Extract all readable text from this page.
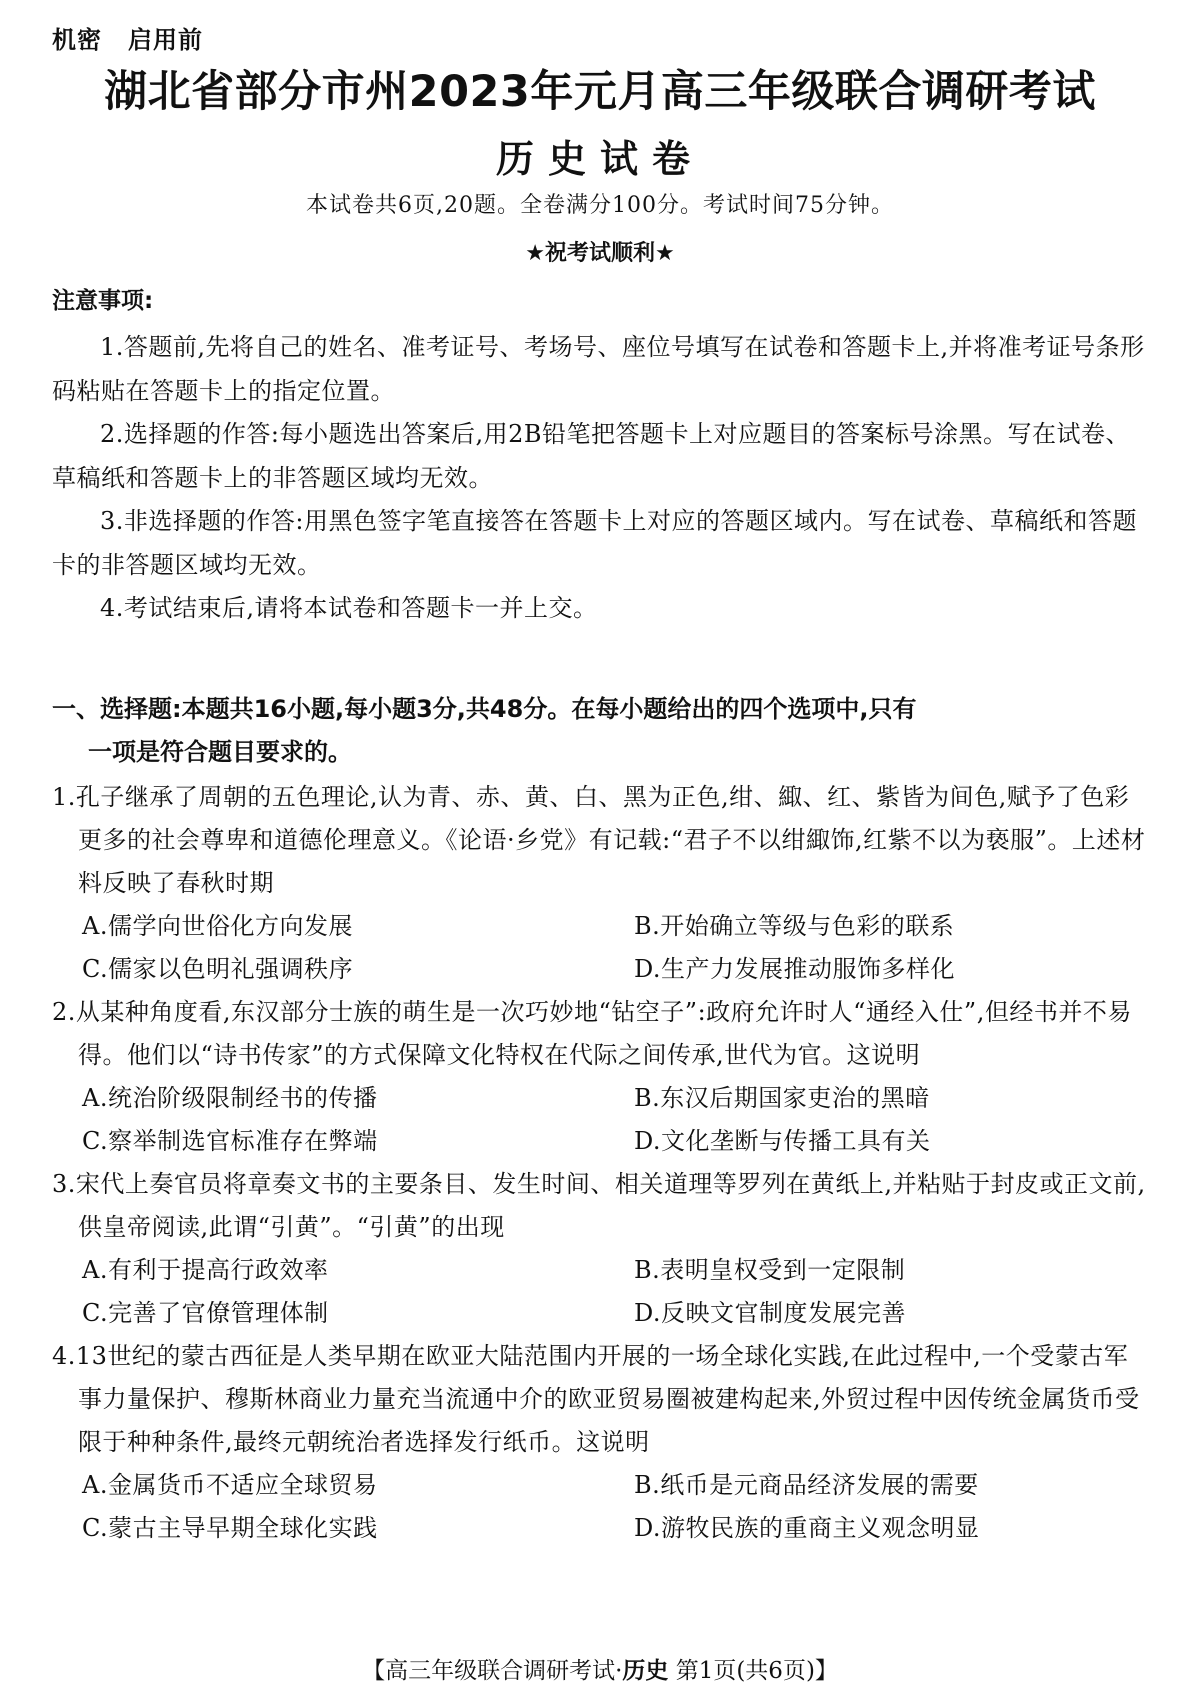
机密 启用前
湖北省部分市州2023年元月高三年级联合调研考试
历史试卷
本试卷共6页,20题。全卷满分100分。考试时间75分钟。
★祝考试顺利★
注意事项:

1.答题前,先将自己的姓名、准考证号、考场号、座位号填写在试卷和答题卡上,并将准考证号条形码粘贴在答题卡上的指定位置。

2.选择题的作答:每小题选出答案后,用2B铅笔把答题卡上对应题目的答案标号涂黑。写在试卷、草稿纸和答题卡上的非答题区域均无效。

3.非选择题的作答:用黑色签字笔直接答在答题卡上对应的答题区域内。写在试卷、草稿纸和答题卡的非答题区域均无效。

4.考试结束后,请将本试卷和答题卡一并上交。

一、选择题:本题共16小题,每小题3分,共48分。在每小题给出的四个选项中,只有
一项是符合题目要求的。

1.孔子继承了周朝的五色理论,认为青、赤、黄、白、黑为正色,绀、緅、红、紫皆为间色,赋予了色彩更多的社会尊卑和道德伦理意义。《论语·乡党》有记载:“君子不以绀緅饰,红紫不以为亵服”。上述材料反映了春秋时期

A.儒学向世俗化方向发展	B.开始确立等级与色彩的联系
C.儒家以色明礼强调秩序	D.生产力发展推动服饰多样化

2.从某种角度看,东汉部分士族的萌生是一次巧妙地“钻空子”:政府允许时人“通经入仕”,但经书并不易得。他们以“诗书传家”的方式保障文化特权在代际之间传承,世代为官。这说明

A.统治阶级限制经书的传播	B.东汉后期国家吏治的黑暗
C.察举制选官标准存在弊端	D.文化垄断与传播工具有关

3.宋代上奏官员将章奏文书的主要条目、发生时间、相关道理等罗列在黄纸上,并粘贴于封皮或正文前,供皇帝阅读,此谓“引黄”。“引黄”的出现

A.有利于提高行政效率	B.表明皇权受到一定限制
C.完善了官僚管理体制	D.反映文官制度发展完善

4.13世纪的蒙古西征是人类早期在欧亚大陆范围内开展的一场全球化实践,在此过程中,一个受蒙古军事力量保护、穆斯林商业力量充当流通中介的欧亚贸易圈被建构起来,外贸过程中因传统金属货币受限于种种条件,最终元朝统治者选择发行纸币。这说明

A.金属货币不适应全球贸易	B.纸币是元商品经济发展的需要
C.蒙古主导早期全球化实践	D.游牧民族的重商主义观念明显
【高三年级联合调研考试·历史 第1页(共6页)】
